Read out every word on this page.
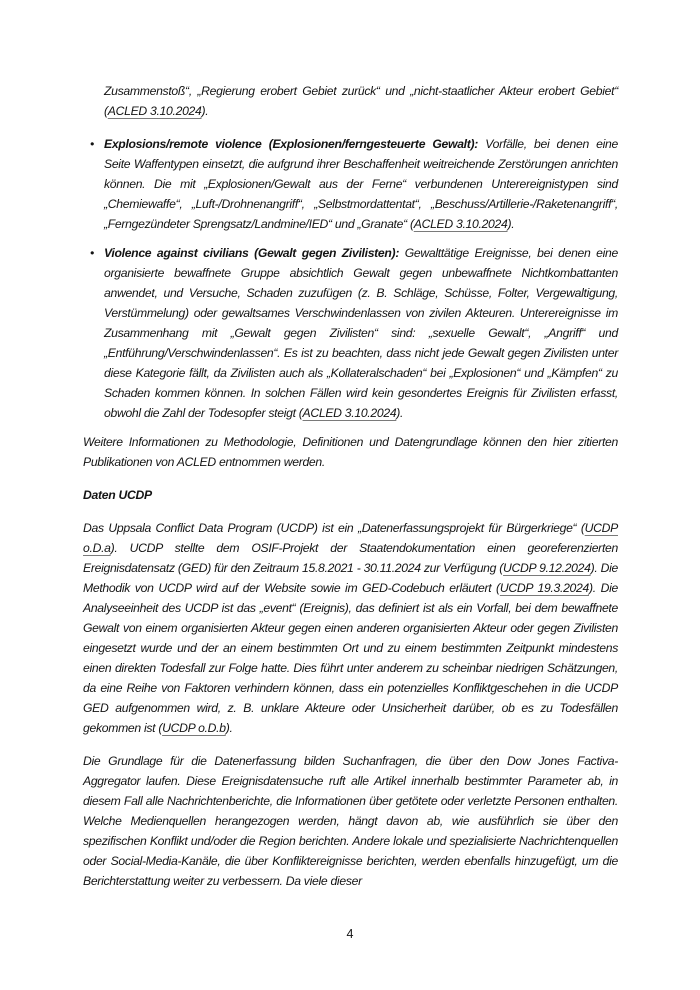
Zusammenstoß“, „Regierung erobert Gebiet zurück“ und „nicht-staatlicher Akteur erobert Gebiet“ (ACLED 3.10.2024).

• Explosions/remote violence (Explosionen/ferngesteuerte Gewalt): Vorfälle, bei denen eine Seite Waffentypen einsetzt, die aufgrund ihrer Beschaffenheit weitreichende Zerstörungen anrichten können. Die mit „Explosionen/Gewalt aus der Ferne“ verbundenen Unterereignistypen sind „Chemiewaffe“, „Luft-/Drohnenangriff“, „Selbstmordattentat“, „Beschuss/Artillerie-/Raketenangriff“, „Ferngezündeter Sprengsatz/Landmine/IED“ und „Granate“ (ACLED 3.10.2024).

• Violence against civilians (Gewalt gegen Zivilisten): Gewalttätige Ereignisse, bei denen eine organisierte bewaffnete Gruppe absichtlich Gewalt gegen unbewaffnete Nichtkombattanten anwendet, und Versuche, Schaden zuzufügen (z. B. Schläge, Schüsse, Folter, Vergewaltigung, Verstümmelung) oder gewaltsames Verschwindenlassen von zivilen Akteuren. Unterereignisse im Zusammenhang mit „Gewalt gegen Zivilisten“ sind: „sexuelle Gewalt“, „Angriff“ und „Entführung/Verschwindenlassen“. Es ist zu beachten, dass nicht jede Gewalt gegen Zivilisten unter diese Kategorie fällt, da Zivilisten auch als „Kollateralschaden“ bei „Explosionen“ und „Kämpfen“ zu Schaden kommen können. In solchen Fällen wird kein gesondertes Ereignis für Zivilisten erfasst, obwohl die Zahl der Todesopfer steigt (ACLED 3.10.2024).

Weitere Informationen zu Methodologie, Definitionen und Datengrundlage können den hier zitierten Publikationen von ACLED entnommen werden.

Daten UCDP

Das Uppsala Conflict Data Program (UCDP) ist ein „Datenerfassungsprojekt für Bürgerkriege“ (UCDP o.D.a). UCDP stellte dem OSIF-Projekt der Staatendokumentation einen georeferenzierten Ereignisdatensatz (GED) für den Zeitraum 15.8.2021 - 30.11.2024 zur Verfügung (UCDP 9.12.2024). Die Methodik von UCDP wird auf der Website sowie im GED-Codebuch erläutert (UCDP 19.3.2024). Die Analyseeinheit des UCDP ist das „event“ (Ereignis), das definiert ist als ein Vorfall, bei dem bewaffnete Gewalt von einem organisierten Akteur gegen einen anderen organisierten Akteur oder gegen Zivilisten eingesetzt wurde und der an einem bestimmten Ort und zu einem bestimmten Zeitpunkt mindestens einen direkten Todesfall zur Folge hatte. Dies führt unter anderem zu scheinbar niedrigen Schätzungen, da eine Reihe von Faktoren verhindern können, dass ein potenzielles Konfliktgeschehen in die UCDP GED aufgenommen wird, z. B. unklare Akteure oder Unsicherheit darüber, ob es zu Todesfällen gekommen ist (UCDP o.D.b).

Die Grundlage für die Datenerfassung bilden Suchanfragen, die über den Dow Jones Factiva-Aggregator laufen. Diese Ereignisdatensuche ruft alle Artikel innerhalb bestimmter Parameter ab, in diesem Fall alle Nachrichtenberichte, die Informationen über getötete oder verletzte Personen enthalten. Welche Medienquellen herangezogen werden, hängt davon ab, wie ausführlich sie über den spezifischen Konflikt und/oder die Region berichten. Andere lokale und spezialisierte Nachrichtenquellen oder Social-Media-Kanäle, die über Konfliktereignisse berichten, werden ebenfalls hinzugefügt, um die Berichterstattung weiter zu verbessern. Da viele dieser

4
